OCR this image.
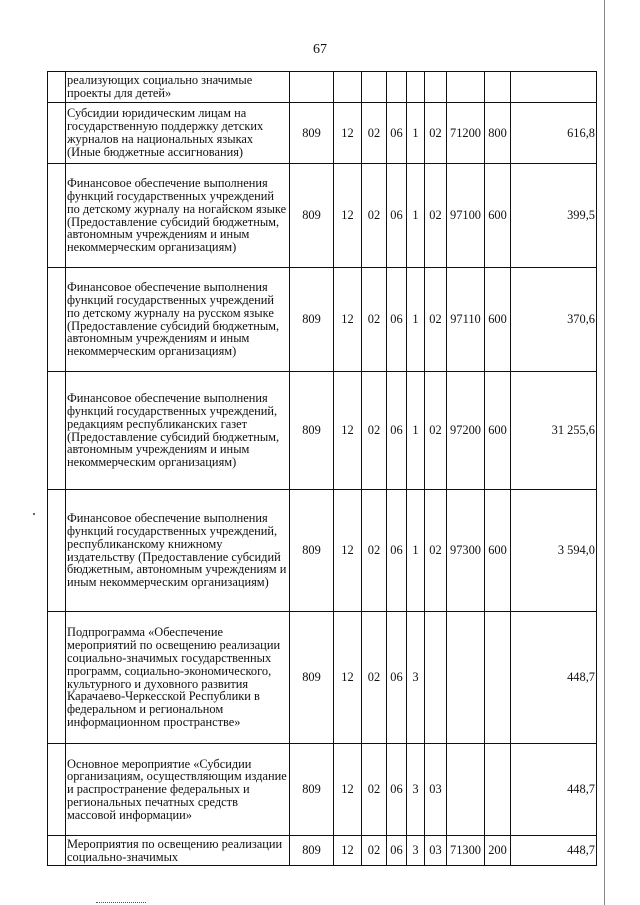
67
	реализующих социально значимые проекты для детей»									
	Субсидии юридическим лицам на государственную поддержку детских журналов на национальных языках (Иные бюджетные ассигнования)	809	12	02	06	1	02	71200	800	616,8
	Финансовое обеспечение выполнения функций государственных учреждений по детскому журналу на ногайском языке (Предоставление субсидий бюджетным, автономным учреждениям и иным некоммерческим организациям)	809	12	02	06	1	02	97100	600	399,5
	Финансовое обеспечение выполнения функций государственных учреждений по детскому журналу на русском языке (Предоставление субсидий бюджетным, автономным учреждениям и иным некоммерческим организациям)	809	12	02	06	1	02	97110	600	370,6
	Финансовое обеспечение выполнения функций государственных учреждений, редакциям республиканских газет (Предоставление субсидий бюджетным, автономным учреждениям и иным некоммерческим организациям)	809	12	02	06	1	02	97200	600	31 255,6
	Финансовое обеспечение выполнения функций государственных учреждений, республиканскому книжному издательству (Предоставление субсидий бюджетным, автономным учреждениям и иным некоммерческим организациям)	809	12	02	06	1	02	97300	600	3 594,0
	Подпрограмма «Обеспечение мероприятий по освещению реализации социально-значимых государственных программ, социально-экономического, культурного и духовного развития Карачаево-Черкесской Республики в федеральном и региональном информационном пространстве»	809	12	02	06	3				448,7
	Основное мероприятие «Субсидии организациям, осуществляющим издание и распространение федеральных и региональных печатных средств массовой информации»	809	12	02	06	3	03			448,7
	Мероприятия по освещению реализации социально-значимых	809	12	02	06	3	03	71300	200	448,7
